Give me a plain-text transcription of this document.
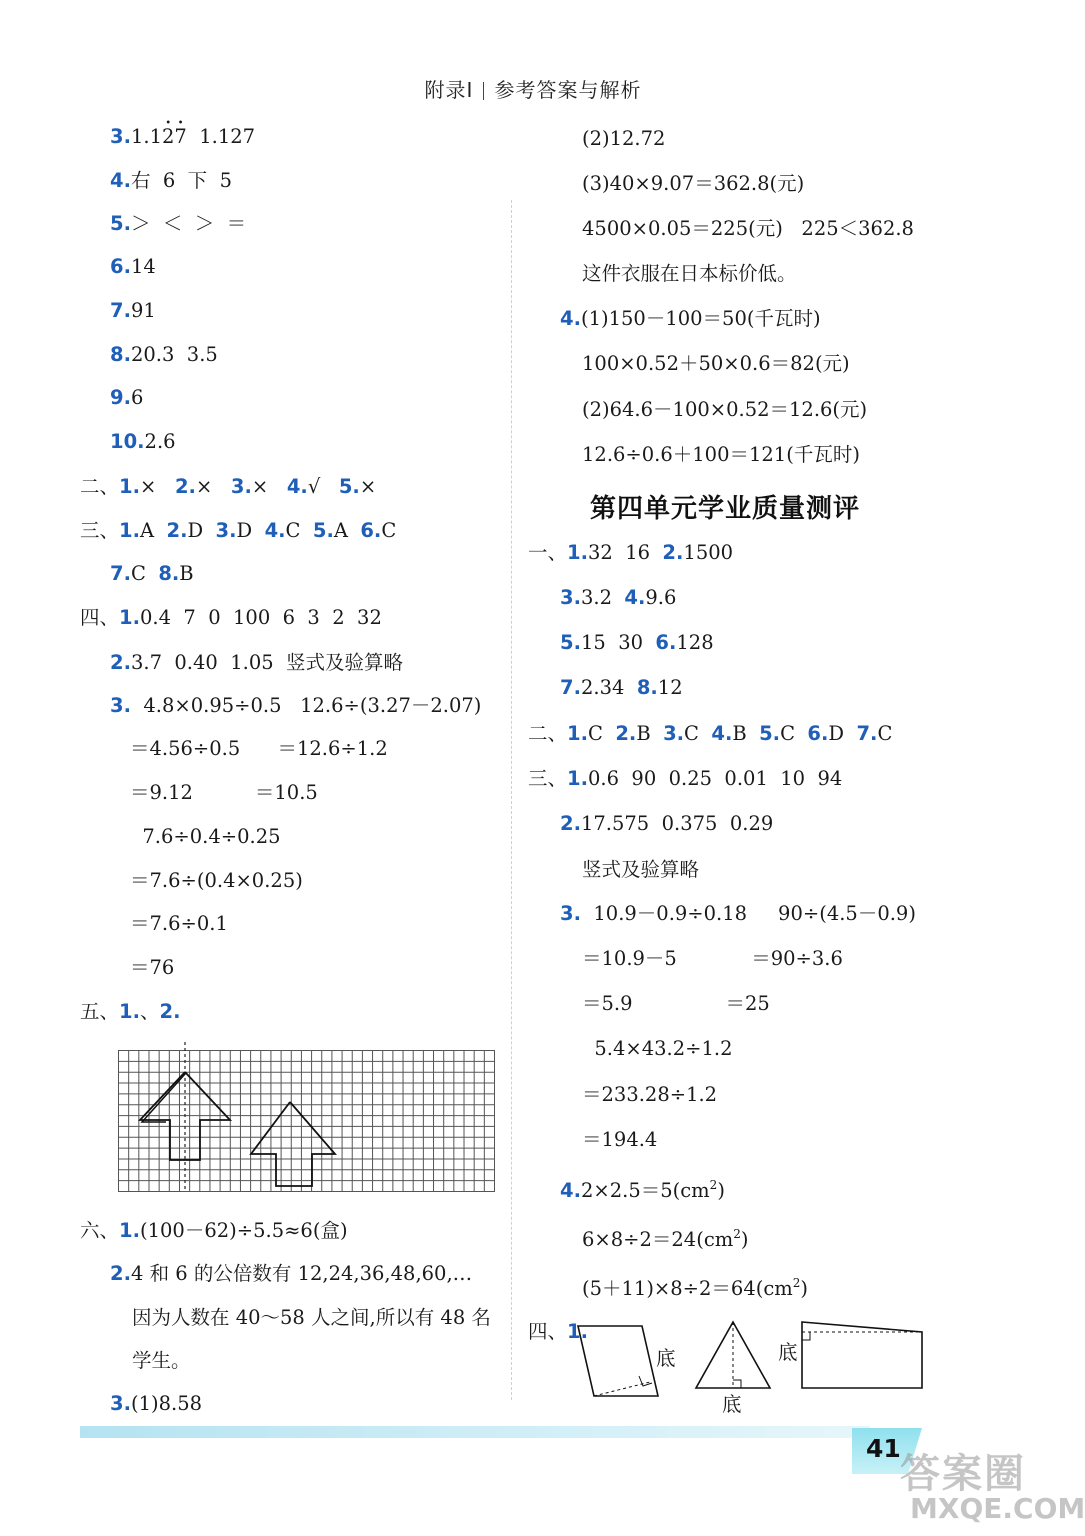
附录Ⅰ 参考答案与解析
3.1.12 •7 •  1.127
4.右  6  下  5
5.＞  ＜  ＞  ＝
6.14
7.91
8.20.3  3.5
9.6
10.2.6
二、1.× 2.× 3.× 4.√ 5.×
三、1.A 2.D 3.D 4.C 5.A 6.C
7.C 8.B
四、1.0.4  7  0  100  6  3  2  32
2.3.7  0.40  1.05  竖式及验算略
3.  4.8×0.95÷0.5   12.6÷(3.27－2.07)
＝4.56÷0.5      ＝12.6÷1.2
＝9.12          ＝10.5
7.6÷0.4÷0.25
＝7.6÷(0.4×0.25)
＝7.6÷0.1
＝76
五、1.、2.
六、1.(100－62)÷5.5≈6(盒)
2.4 和 6 的公倍数有 12,24,36,48,60,…
因为人数在 40～58 人之间,所以有 48 名
学生。
3.(1)8.58
(2)12.72
(3)40×9.07＝362.8(元)
4500×0.05＝225(元)   225＜362.8
这件衣服在日本标价低。
4.(1)150－100＝50(千瓦时)
100×0.52＋50×0.6＝82(元)
(2)64.6－100×0.52＝12.6(元)
12.6÷0.6＋100＝121(千瓦时)
第四单元学业质量测评
一、1.32  16  2.1500
3.3.2  4.9.6
5.15  30  6.128
7.2.34  8.12
二、1.C 2.B 3.C 4.B 5.C 6.D 7.C
三、1.0.6  90  0.25  0.01  10  94
2.17.575  0.375  0.29
竖式及验算略
3.  10.9－0.9÷0.18     90÷(4.5－0.9)
＝10.9－5            ＝90÷3.6
＝5.9               ＝25
5.4×43.2÷1.2
＝233.28÷1.2
＝194.4
$4.2\times 2.5=5(cm^2)$
$6\times 8\div 2=24(cm^2)$
$(5+11)\times 8\div 2=64(cm^2)$
四、1.
底
底
底
41
答案圈
MXQE.COM
